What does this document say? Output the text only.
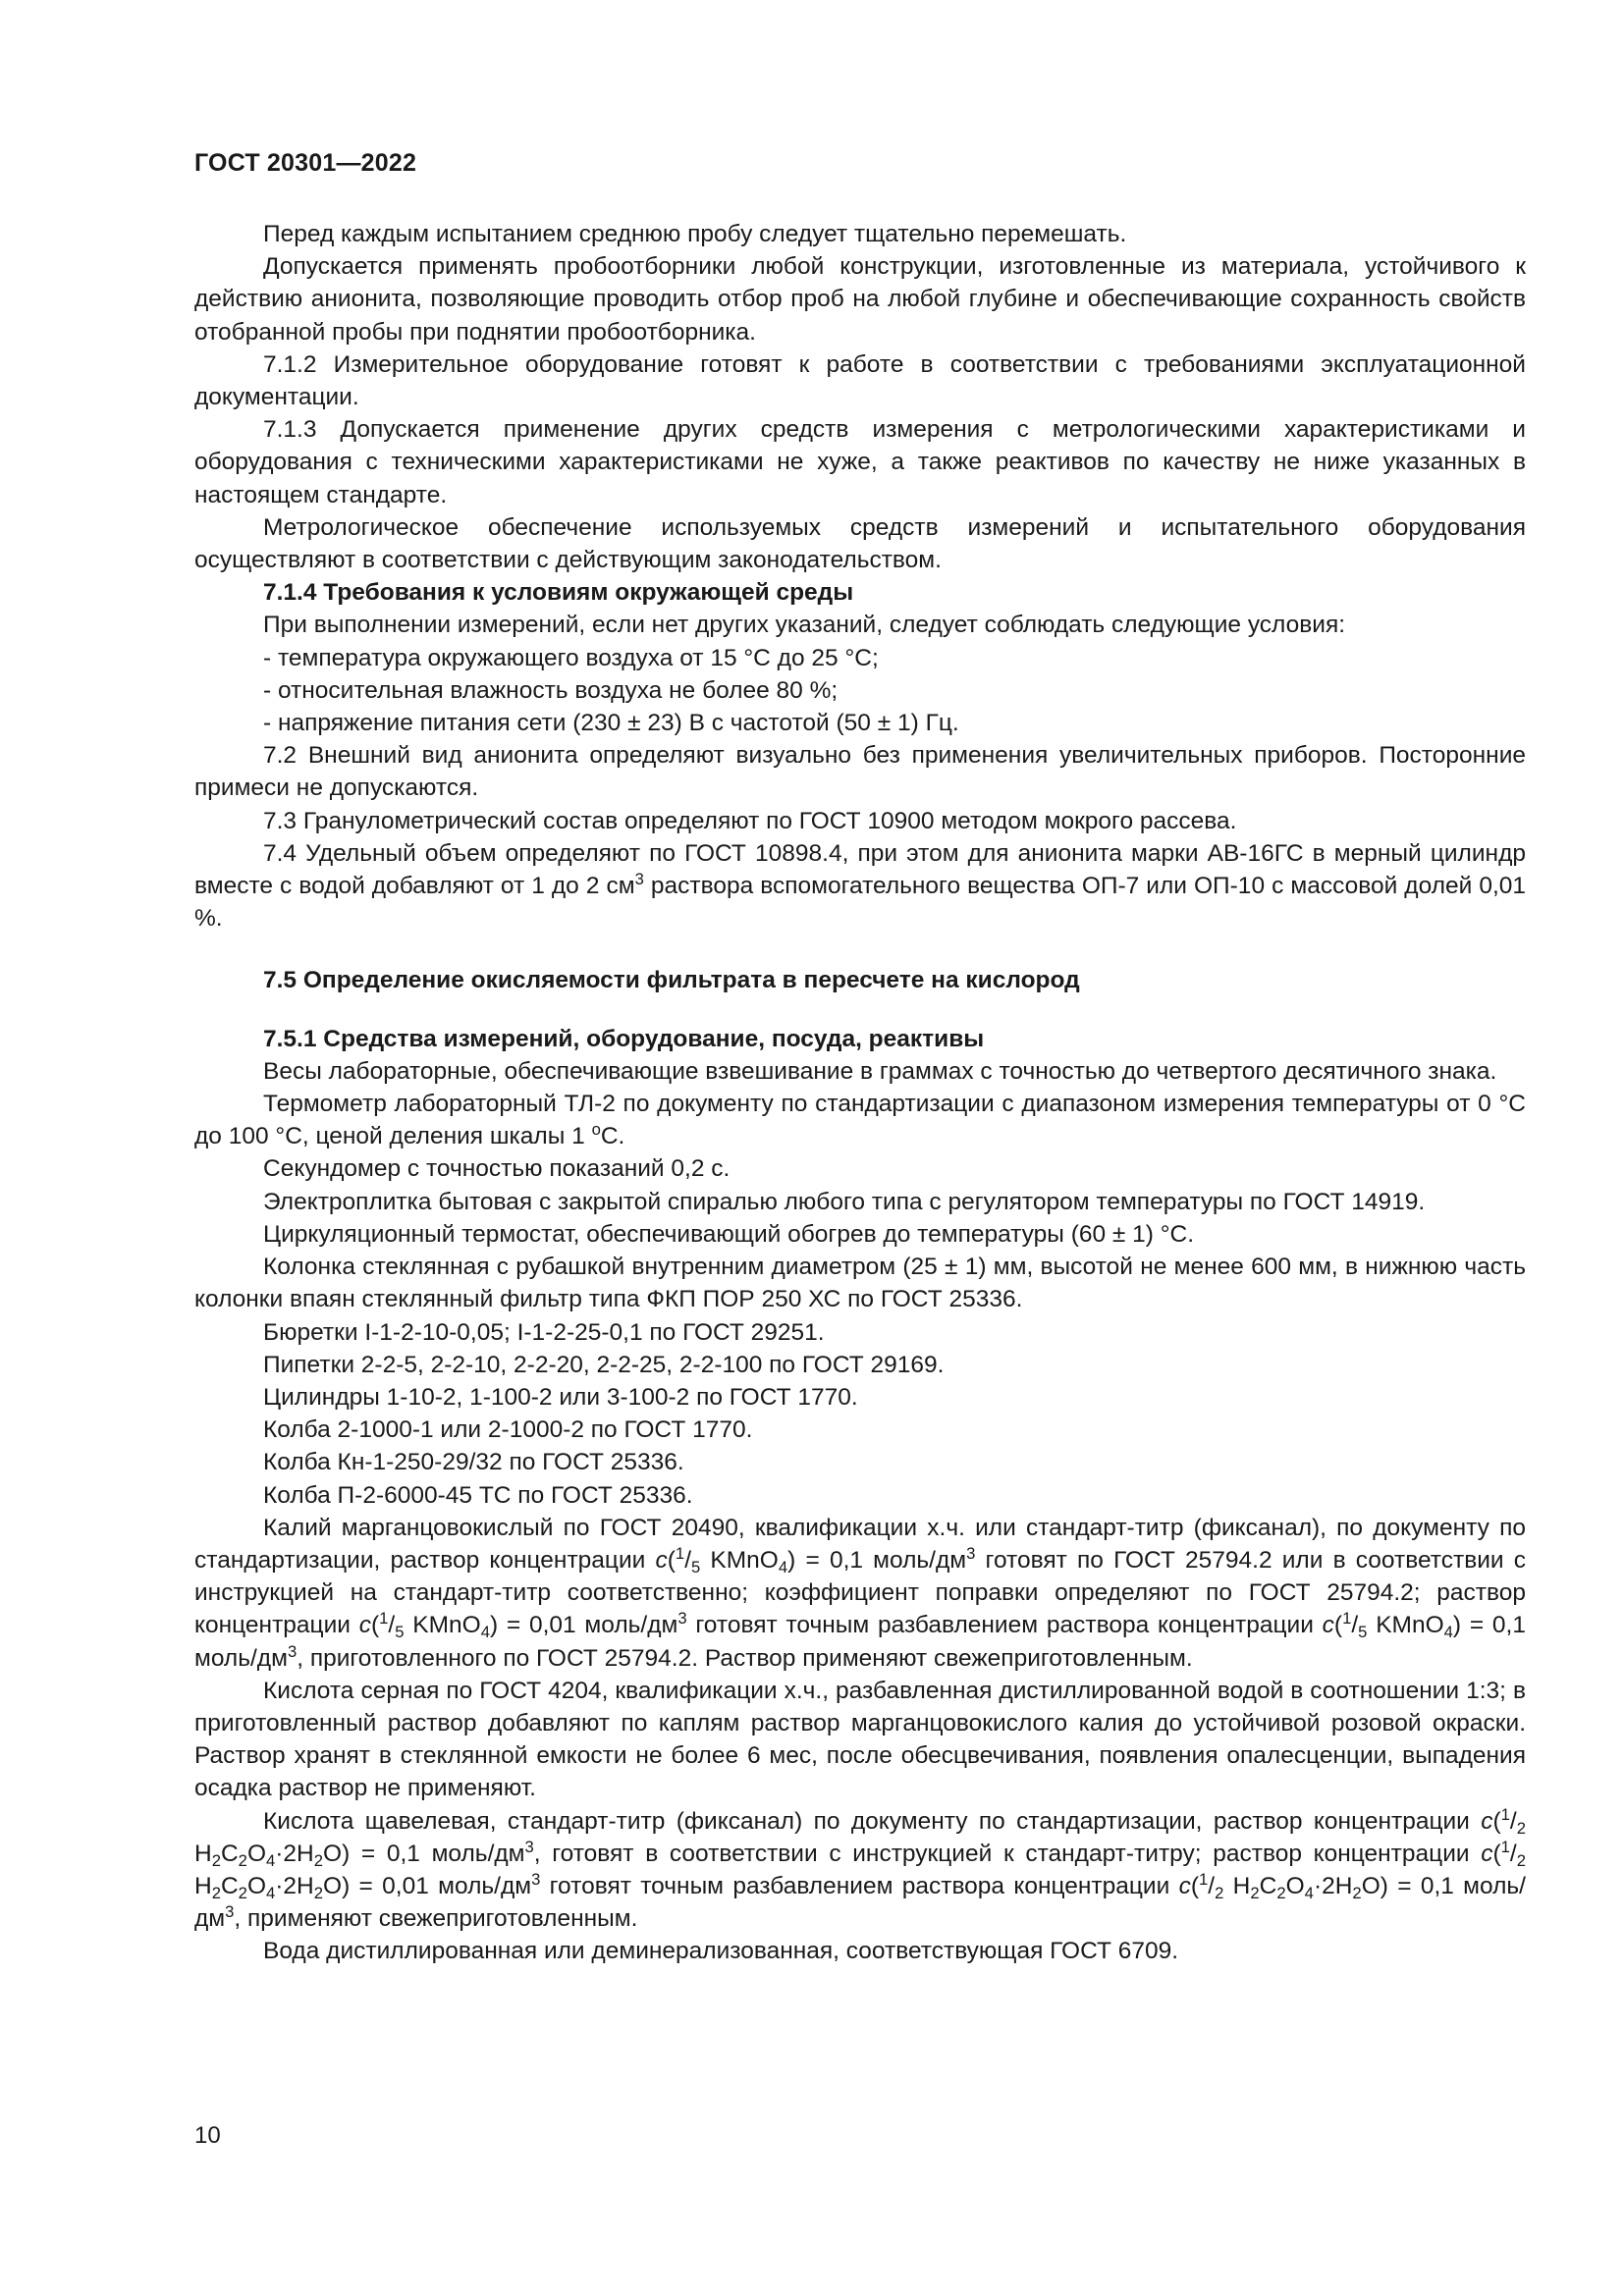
ГОСТ 20301—2022

Перед каждым испытанием среднюю пробу следует тщательно перемешать.

Допускается применять пробоотборники любой конструкции, изготовленные из материала, устойчивого к действию анионита, позволяющие проводить отбор проб на любой глубине и обеспечивающие сохранность свойств отобранной пробы при поднятии пробоотборника.

7.1.2 Измерительное оборудование готовят к работе в соответствии с требованиями эксплуатационной документации.

7.1.3 Допускается применение других средств измерения с метрологическими характеристиками и оборудования с техническими характеристиками не хуже, а также реактивов по качеству не ниже указанных в настоящем стандарте.

Метрологическое обеспечение используемых средств измерений и испытательного оборудования осуществляют в соответствии с действующим законодательством.

7.1.4 Требования к условиям окружающей среды

При выполнении измерений, если нет других указаний, следует соблюдать следующие условия:

- температура окружающего воздуха от 15 °С до 25 °С;

- относительная влажность воздуха не более 80 %;

- напряжение питания сети (230 ± 23) В с частотой (50 ± 1) Гц.

7.2 Внешний вид анионита определяют визуально без применения увеличительных приборов. Посторонние примеси не допускаются.

7.3 Гранулометрический состав определяют по ГОСТ 10900 методом мокрого рассева.

7.4 Удельный объем определяют по ГОСТ 10898.4, при этом для анионита марки АВ-16ГС в мерный цилиндр вместе с водой добавляют от 1 до 2 $см^3$ раствора вспомогательного вещества ОП-7 или ОП-10 с массовой долей 0,01 %.

7.5 Определение окисляемости фильтрата в пересчете на кислород

7.5.1 Средства измерений, оборудование, посуда, реактивы

Весы лабораторные, обеспечивающие взвешивание в граммах с точностью до четвертого десятичного знака.

Термометр лабораторный ТЛ-2 по документу по стандартизации с диапазоном измерения температуры от 0 °С до 100 °С, ценой деления шкалы 1 $^о$С.

Секундомер с точностью показаний 0,2 с.

Электроплитка бытовая с закрытой спиралью любого типа с регулятором температуры по ГОСТ 14919.

Циркуляционный термостат, обеспечивающий обогрев до температуры (60 ± 1) °С.

Колонка стеклянная с рубашкой внутренним диаметром (25 ± 1) мм, высотой не менее 600 мм, в нижнюю часть колонки впаян стеклянный фильтр типа ФКП ПОР 250 ХС по ГОСТ 25336.

Бюретки I-1-2-10-0,05; I-1-2-25-0,1 по ГОСТ 29251.

Пипетки 2-2-5, 2-2-10, 2-2-20, 2-2-25, 2-2-100 по ГОСТ 29169.

Цилиндры 1-10-2, 1-100-2 или 3-100-2 по ГОСТ 1770.

Колба 2-1000-1 или 2-1000-2 по ГОСТ 1770.

Колба Кн-1-250-29/32 по ГОСТ 25336.

Колба П-2-6000-45 ТС по ГОСТ 25336.

Калий марганцовокислый по ГОСТ 20490, квалификации х.ч. или стандарт-титр (фиксанал), по документу по стандартизации, раствор концентрации $c(^1/_5$ KMnO$_4$) = 0,1 моль/$дм^3$ готовят по ГОСТ 25794.2 или в соответствии с инструкцией на стандарт-титр соответственно; коэффициент поправки определяют по ГОСТ 25794.2; раствор концентрации $c(^1/_5$ KMnO$_4$) = 0,01 моль/$дм^3$ готовят точным разбавлением раствора концентрации $c(^1/_5$ KMnO$_4$) = 0,1 моль/$дм^3$, приготовленного по ГОСТ 25794.2. Раствор применяют свежеприготовленным.

Кислота серная по ГОСТ 4204, квалификации х.ч., разбавленная дистиллированной водой в соотношении 1:3; в приготовленный раствор добавляют по каплям раствор марганцовокислого калия до устойчивой розовой окраски. Раствор хранят в стеклянной емкости не более 6 мес, после обесцвечивания, появления опалесценции, выпадения осадка раствор не применяют.

Кислота щавелевая, стандарт-титр (фиксанал) по документу по стандартизации, раствор концентрации $c(^1/_2$ $H_2C_2O_4\cdot 2H_2O) = 0,1$ моль/$дм^3$, готовят в соответствии с инструкцией к стандарт-титру; раствор концентрации $c(^1/_2$ $H_2C_2O_4\cdot 2H_2O) = 0,01$ моль/$дм^3$ готовят точным разбавлением раствора концентрации $c(^1/_2$ $H_2C_2O_4\cdot 2H_2O) = 0,1$ моль/$дм^3$, применяют свежеприготовленным.

Вода дистиллированная или деминерализованная, соответствующая ГОСТ 6709.

10
